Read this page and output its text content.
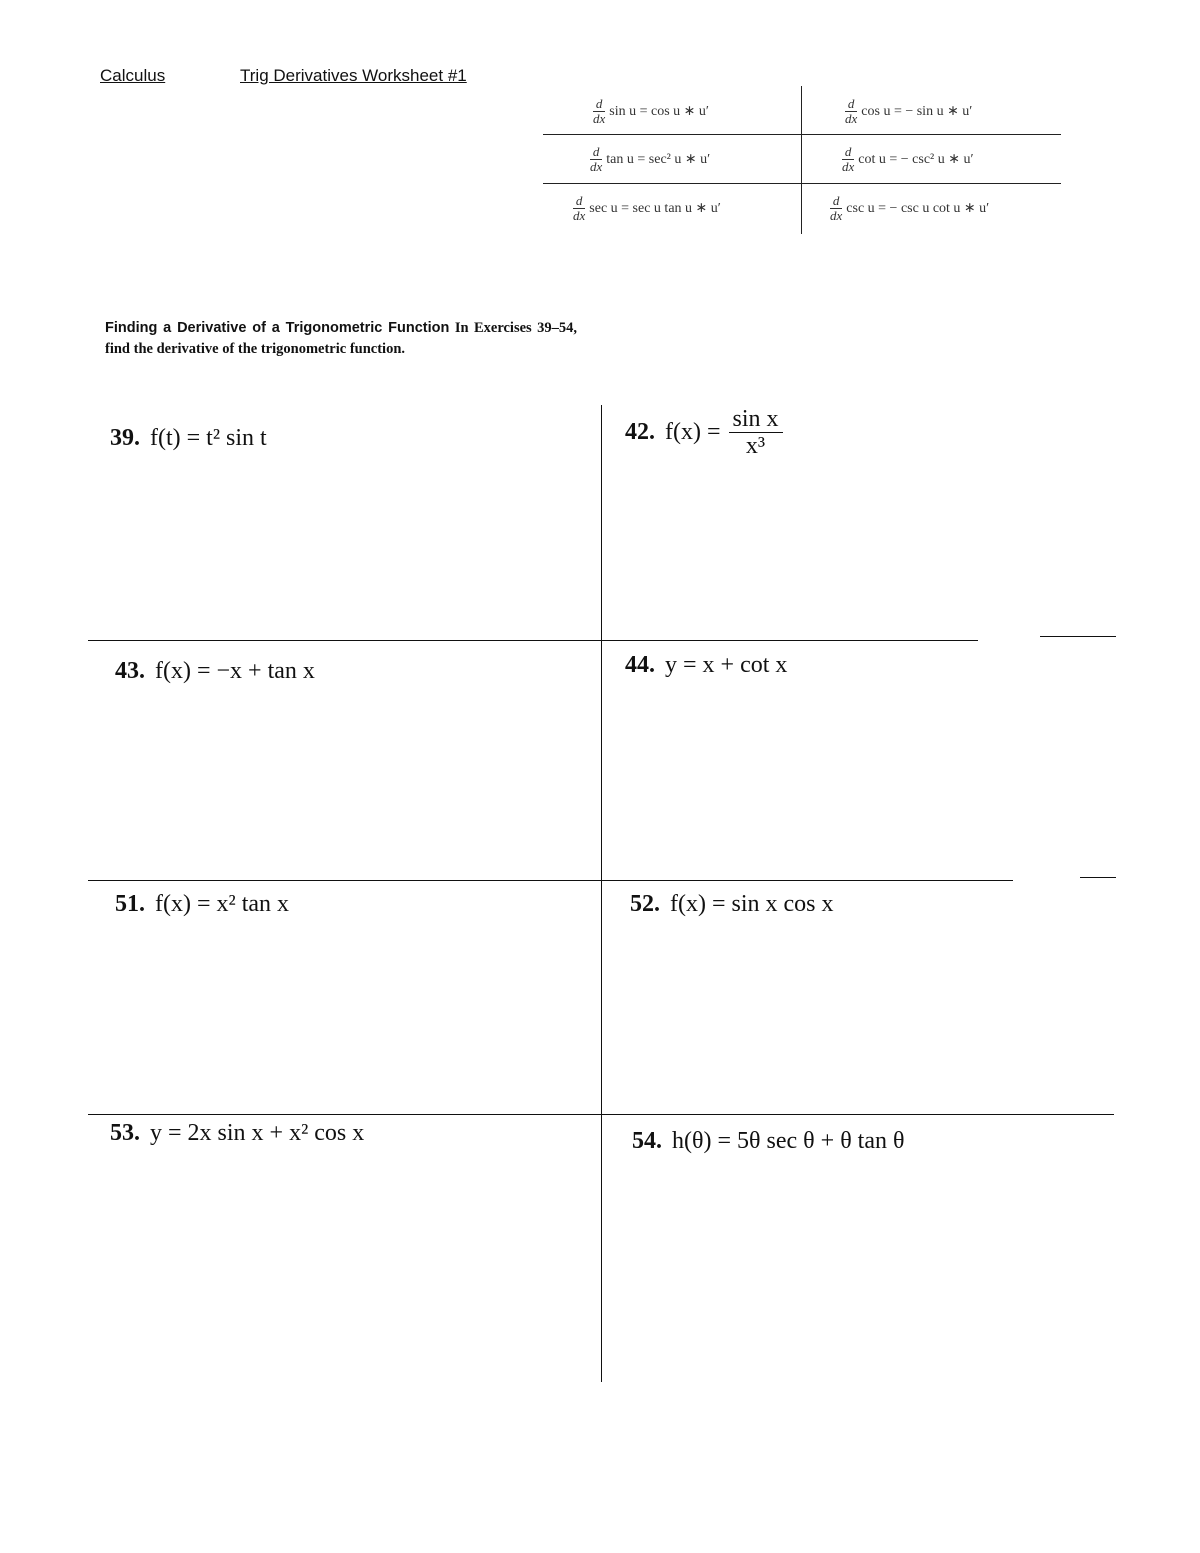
Calculus	Trig Derivatives Worksheet #1
$\frac{d}{dx}$ sin u = cos u ∗ u′	$\frac{d}{dx}$ cos u = − sin u ∗ u′
$\frac{d}{dx}$ tan u = sec² u ∗ u′	$\frac{d}{dx}$ cot u = − csc² u ∗ u′
$\frac{d}{dx}$ sec u = sec u tan u ∗ u′	$\frac{d}{dx}$ csc u = − csc u cot u ∗ u′
Finding a Derivative of a Trigonometric Function In Exercises 39–54, find the derivative of the trigonometric function.
39. f(t) = t² sin t	42. $f(x) = \frac{\text{sin x}}{\text{x³}}$
43. f(x) = −x + tan x	44. y = x + cot x
51. f(x) = x² tan x	52. f(x) = sin x cos x
53. y = 2x sin x + x² cos x	54. h(θ) = 5θ sec θ + θ tan θ
